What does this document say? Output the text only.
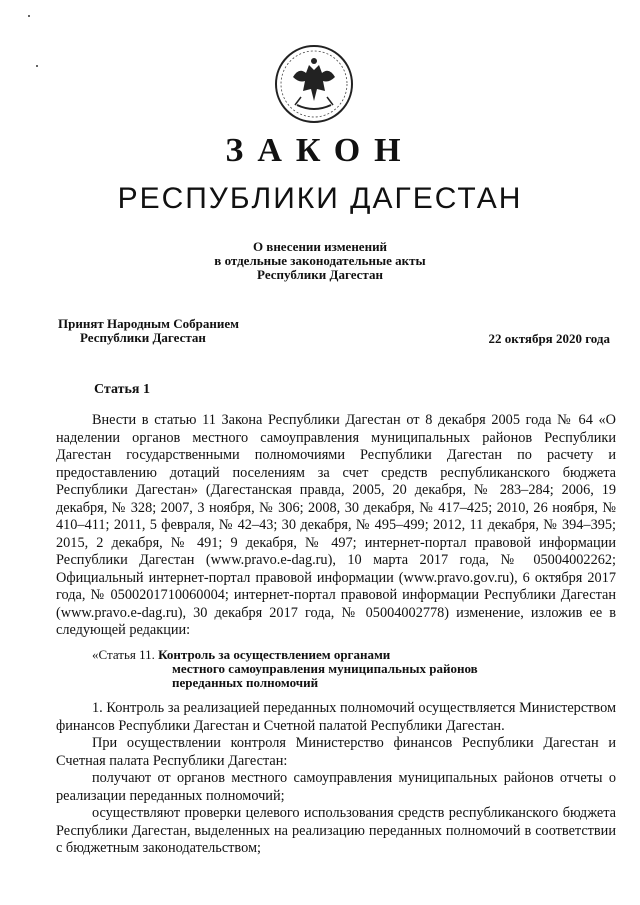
ЗАКОН
РЕСПУБЛИКИ ДАГЕСТАН
О внесении изменений
в отдельные законодательные акты
Республики Дагестан
Принят Народным Собранием
Республики Дагестан	22 октября 2020 года
Статья 1

Внести в статью 11 Закона Республики Дагестан от 8 декабря 2005 года № 64 «О наделении органов местного самоуправления муниципальных районов Республики Дагестан государственными полномочиями Республики Дагестан по расчету и предоставлению дотаций поселениям за счет средств республиканского бюджета Республики Дагестан» (Дагестанская правда, 2005, 20 декабря, № 283–284; 2006, 19 декабря, № 328; 2007, 3 ноября, № 306; 2008, 30 декабря, № 417–425; 2010, 26 ноября, № 410–411; 2011, 5 февраля, № 42–43; 30 декабря, № 495–499; 2012, 11 декабря, № 394–395; 2015, 2 декабря, № 491; 9 декабря, № 497; интернет-портал правовой информации Республики Дагестан (www.pravo.e-dag.ru), 10 марта 2017 года, № 05004002262; Официальный интернет-портал правовой информации (www.pravo.gov.ru), 6 октября 2017 года, № 0500201710060004; интернет-портал правовой информации Республики Дагестан (www.pravo.e-dag.ru), 30 декабря 2017 года, № 05004002778) изменение, изложив ее в следующей редакции:

«Статья 11. Контроль за осуществлением органами
местного самоуправления муниципальных районов
переданных полномочий

1. Контроль за реализацией переданных полномочий осуществляется Министерством финансов Республики Дагестан и Счетной палатой Республики Дагестан.

При осуществлении контроля Министерство финансов Республики Дагестан и Счетная палата Республики Дагестан:

получают от органов местного самоуправления муниципальных районов отчеты о реализации переданных полномочий;

осуществляют проверки целевого использования средств республиканского бюджета Республики Дагестан, выделенных на реализацию переданных полномочий в соответствии с бюджетным законодательством;
